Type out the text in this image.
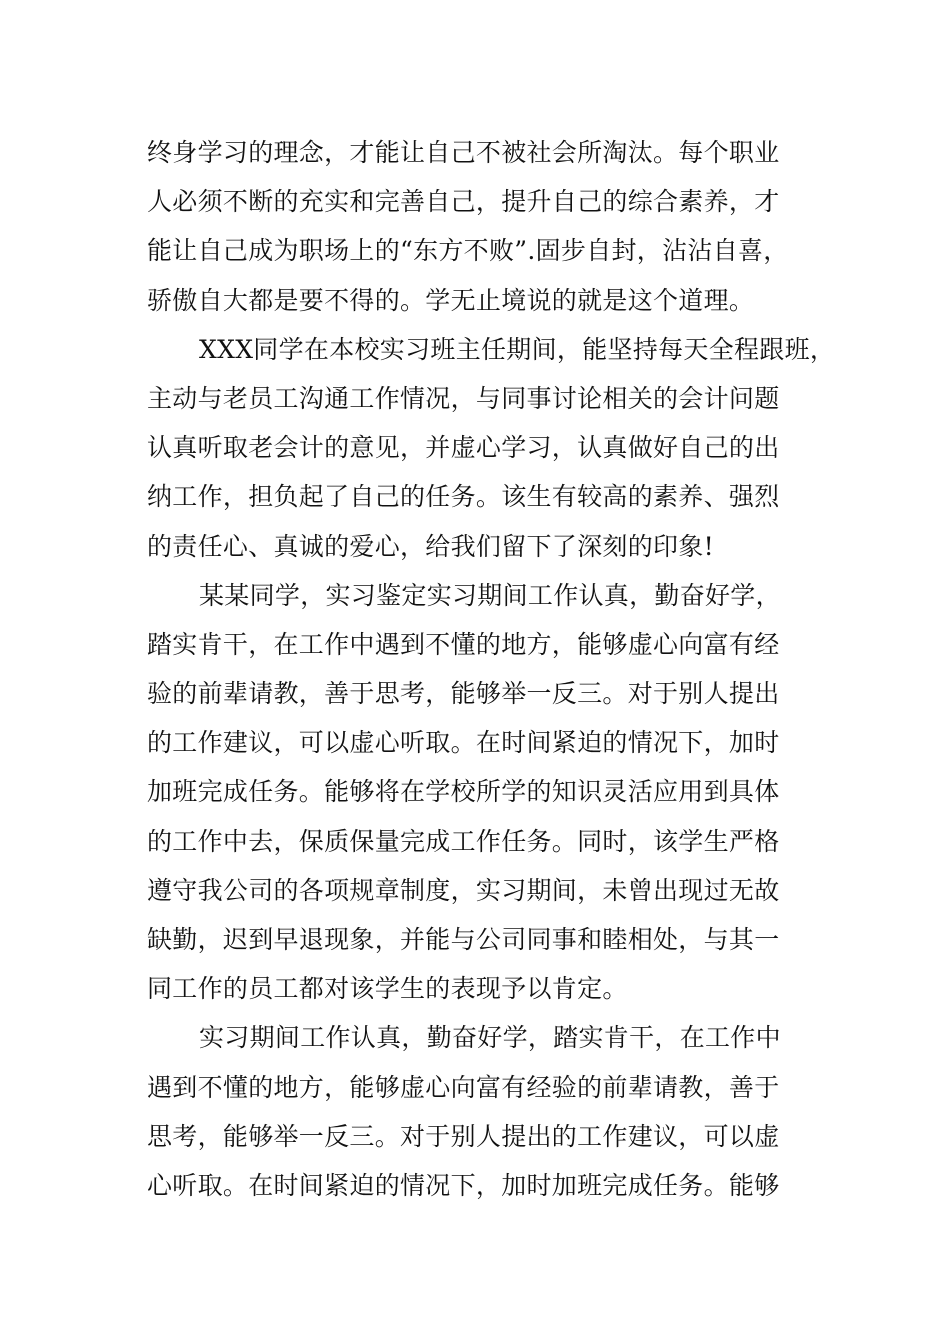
终身学习的理念，才能让自己不被社会所淘汰。每个职业
人必须不断的充实和完善自己，提升自己的综合素养，才
能让自己成为职场上的“东方不败”.固步自封，沾沾自喜，
骄傲自大都是要不得的。学无止境说的就是这个道理。
XXX同学在本校实习班主任期间，能坚持每天全程跟班，
主动与老员工沟通工作情况，与同事讨论相关的会计问题
认真听取老会计的意见，并虚心学习，认真做好自己的出
纳工作，担负起了自己的任务。该生有较高的素养、强烈
的责任心、真诚的爱心，给我们留下了深刻的印象!
某某同学，实习鉴定实习期间工作认真，勤奋好学，
踏实肯干，在工作中遇到不懂的地方，能够虚心向富有经
验的前辈请教，善于思考，能够举一反三。对于别人提出
的工作建议，可以虚心听取。在时间紧迫的情况下，加时
加班完成任务。能够将在学校所学的知识灵活应用到具体
的工作中去，保质保量完成工作任务。同时，该学生严格
遵守我公司的各项规章制度，实习期间，未曾出现过无故
缺勤，迟到早退现象，并能与公司同事和睦相处，与其一
同工作的员工都对该学生的表现予以肯定。
实习期间工作认真，勤奋好学，踏实肯干，在工作中
遇到不懂的地方，能够虚心向富有经验的前辈请教，善于
思考，能够举一反三。对于别人提出的工作建议，可以虚
心听取。在时间紧迫的情况下，加时加班完成任务。能够
